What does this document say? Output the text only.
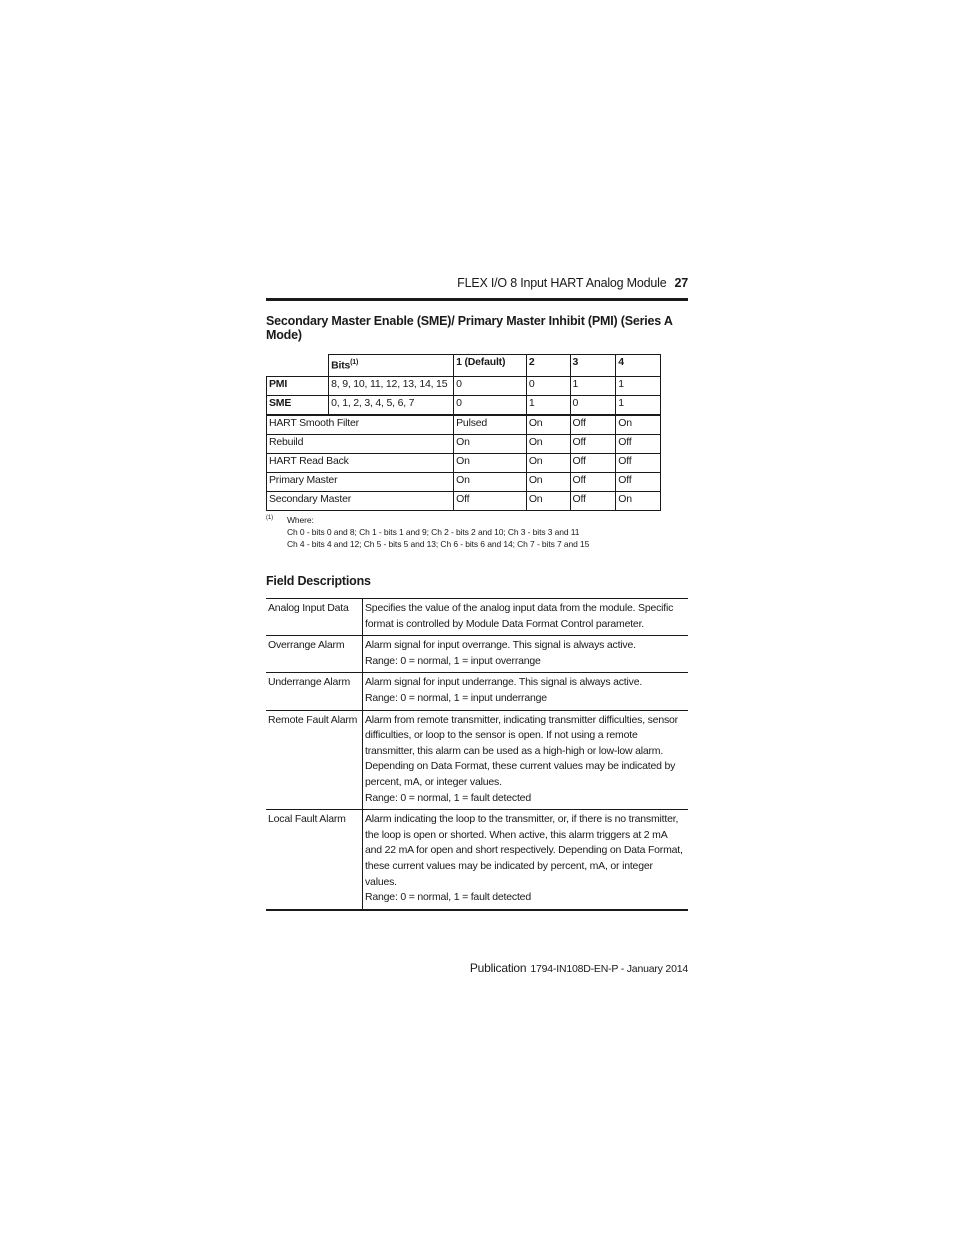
FLEX I/O 8 Input HART Analog Module 27
Secondary Master Enable (SME)/ Primary Master Inhibit (PMI) (Series A Mode)
	Bits$^{(1)}$	1 (Default)	2	3	4
PMI	8, 9, 10, 11, 12, 13, 14, 15	0	0	1	1
SME	0, 1, 2, 3, 4, 5, 6, 7	0	1	0	1
HART Smooth Filter		Pulsed	On	Off	On
Rebuild		On	On	Off	Off
HART Read Back		On	On	Off	Off
Primary Master		On	On	Off	Off
Secondary Master		Off	On	Off	On
(1) Where:
Ch 0 - bits 0 and 8; Ch 1 - bits 1 and 9; Ch 2 - bits 2 and 10; Ch 3 - bits 3 and 11
Ch 4 - bits 4 and 12; Ch 5 - bits 5 and 13; Ch 6 - bits 6 and 14; Ch 7 - bits 7 and 15
Field Descriptions
Analog Input Data	Specifies the value of the analog input data from the module. Specific format is controlled by Module Data Format Control parameter.

Overrange Alarm	Alarm signal for input overrange. This signal is always active.
Range: 0 = normal, 1 = input overrange

Underrange Alarm	Alarm signal for input underrange. This signal is always active.
Range: 0 = normal, 1 = input underrange

Remote Fault Alarm	Alarm from remote transmitter, indicating transmitter difficulties, sensor difficulties, or loop to the sensor is open. If not using a remote transmitter, this alarm can be used as a high-high or low-low alarm. Depending on Data Format, these current values may be indicated by percent, mA, or integer values.
Range: 0 = normal, 1 = fault detected

Local Fault Alarm	Alarm indicating the loop to the transmitter, or, if there is no transmitter, the loop is open or shorted. When active, this alarm triggers at 2 mA and 22 mA for open and short respectively. Depending on Data Format, these current values may be indicated by percent, mA, or integer values.
Range: 0 = normal, 1 = fault detected
Publication 1794-IN108D-EN-P - January 2014
